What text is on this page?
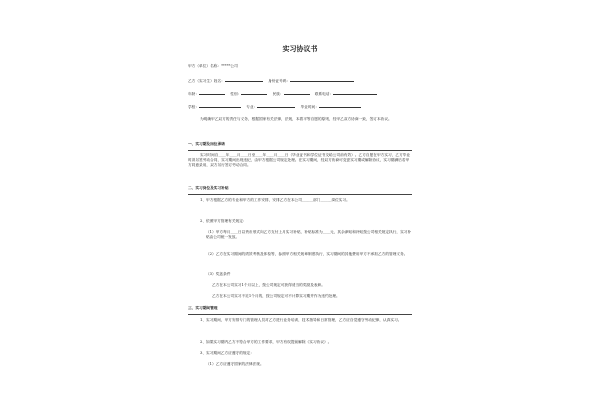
实习协议书
甲方（单位）名称：*****公司
乙方（实习生）姓名：	身份证号码：
年龄：	性别：	民族：	联系电话：
学校：	专业：	毕业时间：
为明确甲乙双方的责任与义务，根据国家有关法律，法规，本着平等自愿的原则，经甲乙双方协商一致，签订本协议。
一、实习期及岗位承诺
实习时间自____年____月____日至____年____月____日（毕业证书和学位证书交给公司前有效）。乙方自愿在甲方实习，乙方毕业时须另签劳动合同，实习期间出现违纪，由甲方根据公司规定处理。在实习期间，经双方协商可变更实习期或解除协议，实习期满后若甲方同意录用，双方另行签订劳动合同。
二、实习岗位及实习补贴
1、甲方根据乙方的专业和甲方的工作安排，安排乙方在本公司______部门______岗位实习。
2、依照甲方管理有关规定：
（1）甲方每月____日以货币形式向乙方支付上月实习补贴，补贴标准为____元，其余津贴和补贴按公司相关规定执行，实习补贴由公司统一发放。
（2）乙方在实习期间的绩效考核及体检等，参照甲方相关规章制度执行，实习期间的其他费用甲方不承担乙方的管理义务。
（3）奖惩条件
乙方在本公司实习1个月以上，按公司规定可获得适当的奖励及表彰。
乙方在本公司实习不足1个月的，按公司规定可不计算实习期并作为违约处理。
三、实习期间管理
1、实习期间，甲方安排专门的管理人员对乙方进行业务培训，技术指导和日常管理，乙方应自觉遵守劳动纪律，认真实习。
2、如果实习期内乙方不符合甲方的工作要求，甲方有权提前解除《实习协议》。
3、实习期间乙方应遵守的规定：
（1）乙方应遵守国家的法律法规。
